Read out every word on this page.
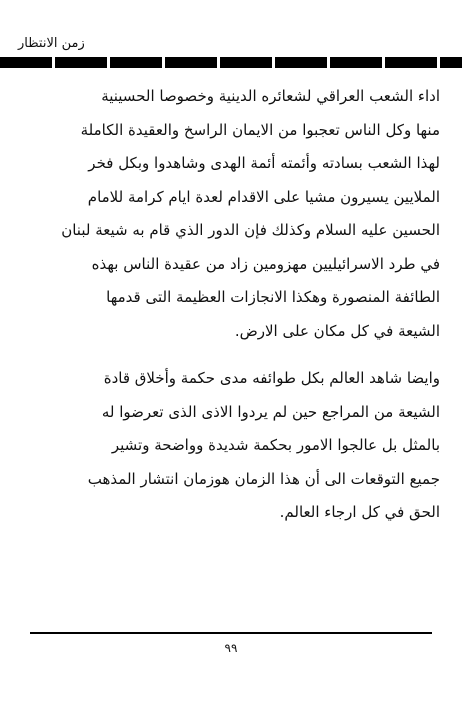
زمن الانتظار
اداء الشعب العراقي لشعائره الدينية وخصوصا الحسينية
منها وكل الناس تعجبوا من الايمان الراسخ والعقيدة الكاملة
لهذا الشعب بسادته وأئمته أئمة الهدى وشاهدوا وبكل فخر
الملايين يسيرون مشيا على الاقدام لعدة ايام كرامة للامام
الحسين عليه السلام وكذلك فإن الدور الذي قام به شيعة لبنان
في طرد الاسرائيليين مهزومين زاد من عقيدة الناس بهذه
الطائفة المنصورة وهكذا الانجازات العظيمة التى قدمها
الشيعة في كل مكان على الارض.
وايضا شاهد العالم بكل طوائفه مدى حكمة وأخلاق قادة
الشيعة من المراجع حين لم يردوا الاذى الذى تعرضوا له
بالمثل بل عالجوا الامور بحكمة شديدة وواضحة وتشير
جميع التوقعات الى أن هذا الزمان هوزمان انتشار المذهب
الحق في كل ارجاء العالم.
٩٩
